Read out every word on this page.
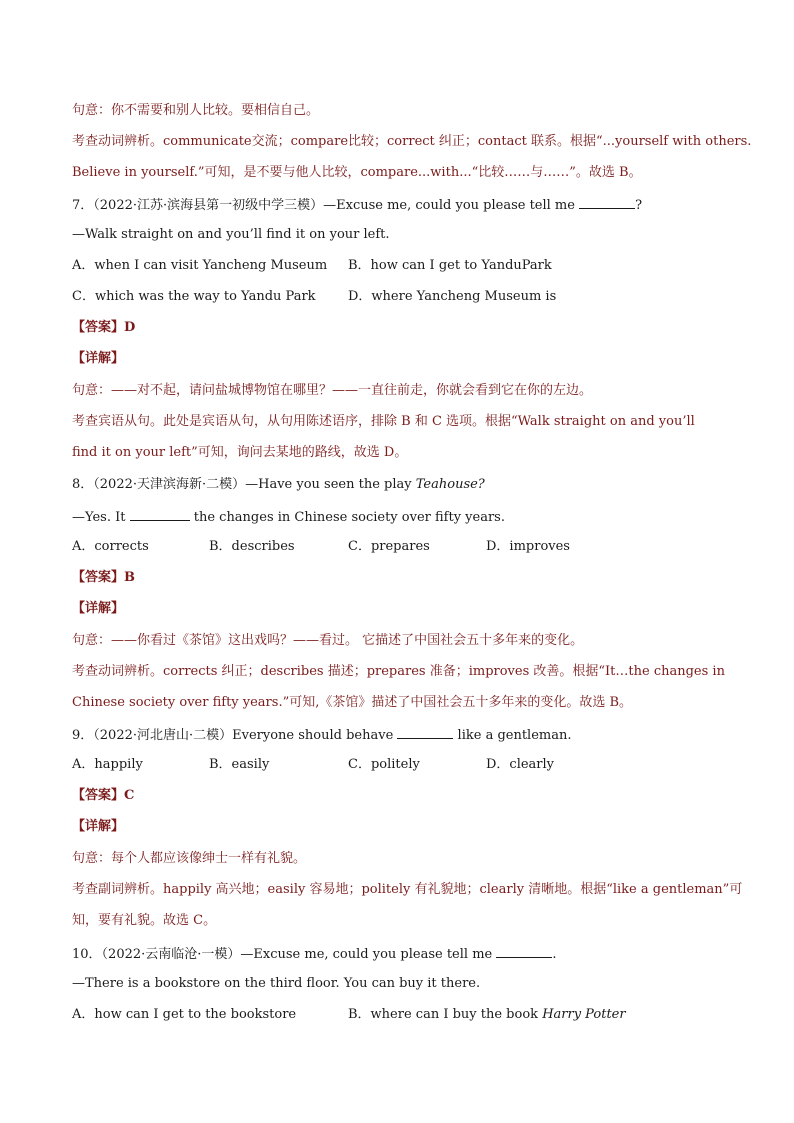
句意：你不需要和别人比较。要相信自己。
考查动词辨析。communicate交流；compare比较；correct 纠正；contact 联系。根据“...yourself with others.
Believe in yourself.”可知，是不要与他人比较，compare...with...“比较……与……”。故选 B。
7．（2022·江苏·滨海县第一初级中学三模）—Excuse me, could you please tell me	?
—Walk straight on and you’ll find it on your left.
A．when I can visit Yancheng Museum B．how can I get to YanduPark
C．which was the way to Yandu Park D．where Yancheng Museum is
【答案】D
【详解】
句意：——对不起，请问盐城博物馆在哪里？——一直往前走，你就会看到它在你的左边。
考查宾语从句。此处是宾语从句，从句用陈述语序，排除 B 和 C 选项。根据“Walk straight on and you’ll
find it on your left”可知，询问去某地的路线，故选 D。
8．（2022·天津滨海新·二模）—Have you seen the play Teahouse?
—Yes. It	the changes in Chinese society over fifty years.
A．corrects	B．describes	C．prepares	D．improves
【答案】B
【详解】
句意：——你看过《茶馆》这出戏吗？——看过。 它描述了中国社会五十多年来的变化。
考查动词辨析。corrects 纠正；describes 描述；prepares 准备；improves 改善。根据“It…the changes in
Chinese society over fifty years.”可知,《茶馆》描述了中国社会五十多年来的变化。故选 B。
9．（2022·河北唐山·二模）Everyone should behave	like a gentleman.
A．happily	B．easily	C．politely	D．clearly
【答案】C
【详解】
句意：每个人都应该像绅士一样有礼貌。
考查副词辨析。happily 高兴地；easily 容易地；politely 有礼貌地；clearly 清晰地。根据“like a gentleman”可
知，要有礼貌。故选 C。
10．（2022·云南临沧·一模）—Excuse me, could you please tell me	.
—There is a bookstore on the third floor. You can buy it there.
A．how can I get to the bookstore	B．where can I buy the book Harry Potter
